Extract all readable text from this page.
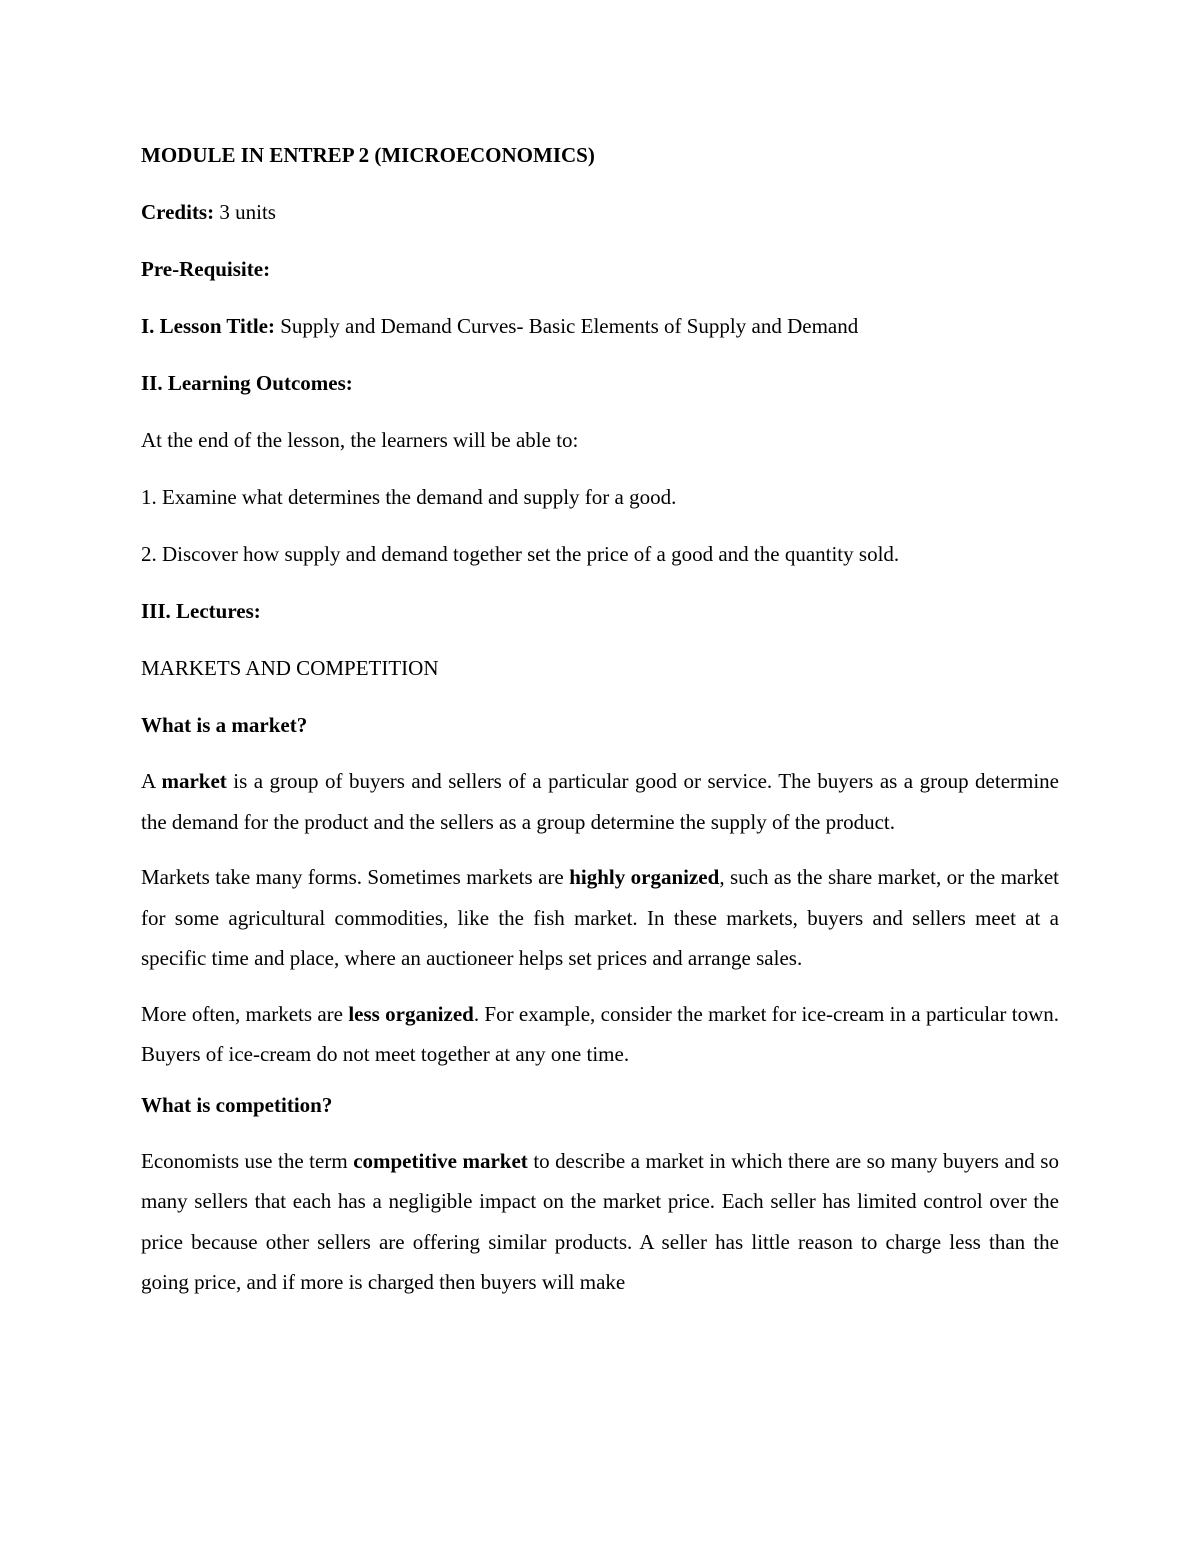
MODULE IN ENTREP 2 (MICROECONOMICS)

Credits: 3 units

Pre-Requisite:

I. Lesson Title: Supply and Demand Curves- Basic Elements of Supply and Demand

II. Learning Outcomes:

At the end of the lesson, the learners will be able to:

1. Examine what determines the demand and supply for a good.

2. Discover how supply and demand together set the price of a good and the quantity sold.

III. Lectures:

MARKETS AND COMPETITION

What is a market?

A market is a group of buyers and sellers of a particular good or service. The buyers as a group determine the demand for the product and the sellers as a group determine the supply of the product.

Markets take many forms. Sometimes markets are highly organized, such as the share market, or the market for some agricultural commodities, like the fish market. In these markets, buyers and sellers meet at a specific time and place, where an auctioneer helps set prices and arrange sales.

More often, markets are less organized. For example, consider the market for ice-cream in a particular town. Buyers of ice-cream do not meet together at any one time.

What is competition?

Economists use the term competitive market to describe a market in which there are so many buyers and so many sellers that each has a negligible impact on the market price. Each seller has limited control over the price because other sellers are offering similar products. A seller has little reason to charge less than the going price, and if more is charged then buyers will make
